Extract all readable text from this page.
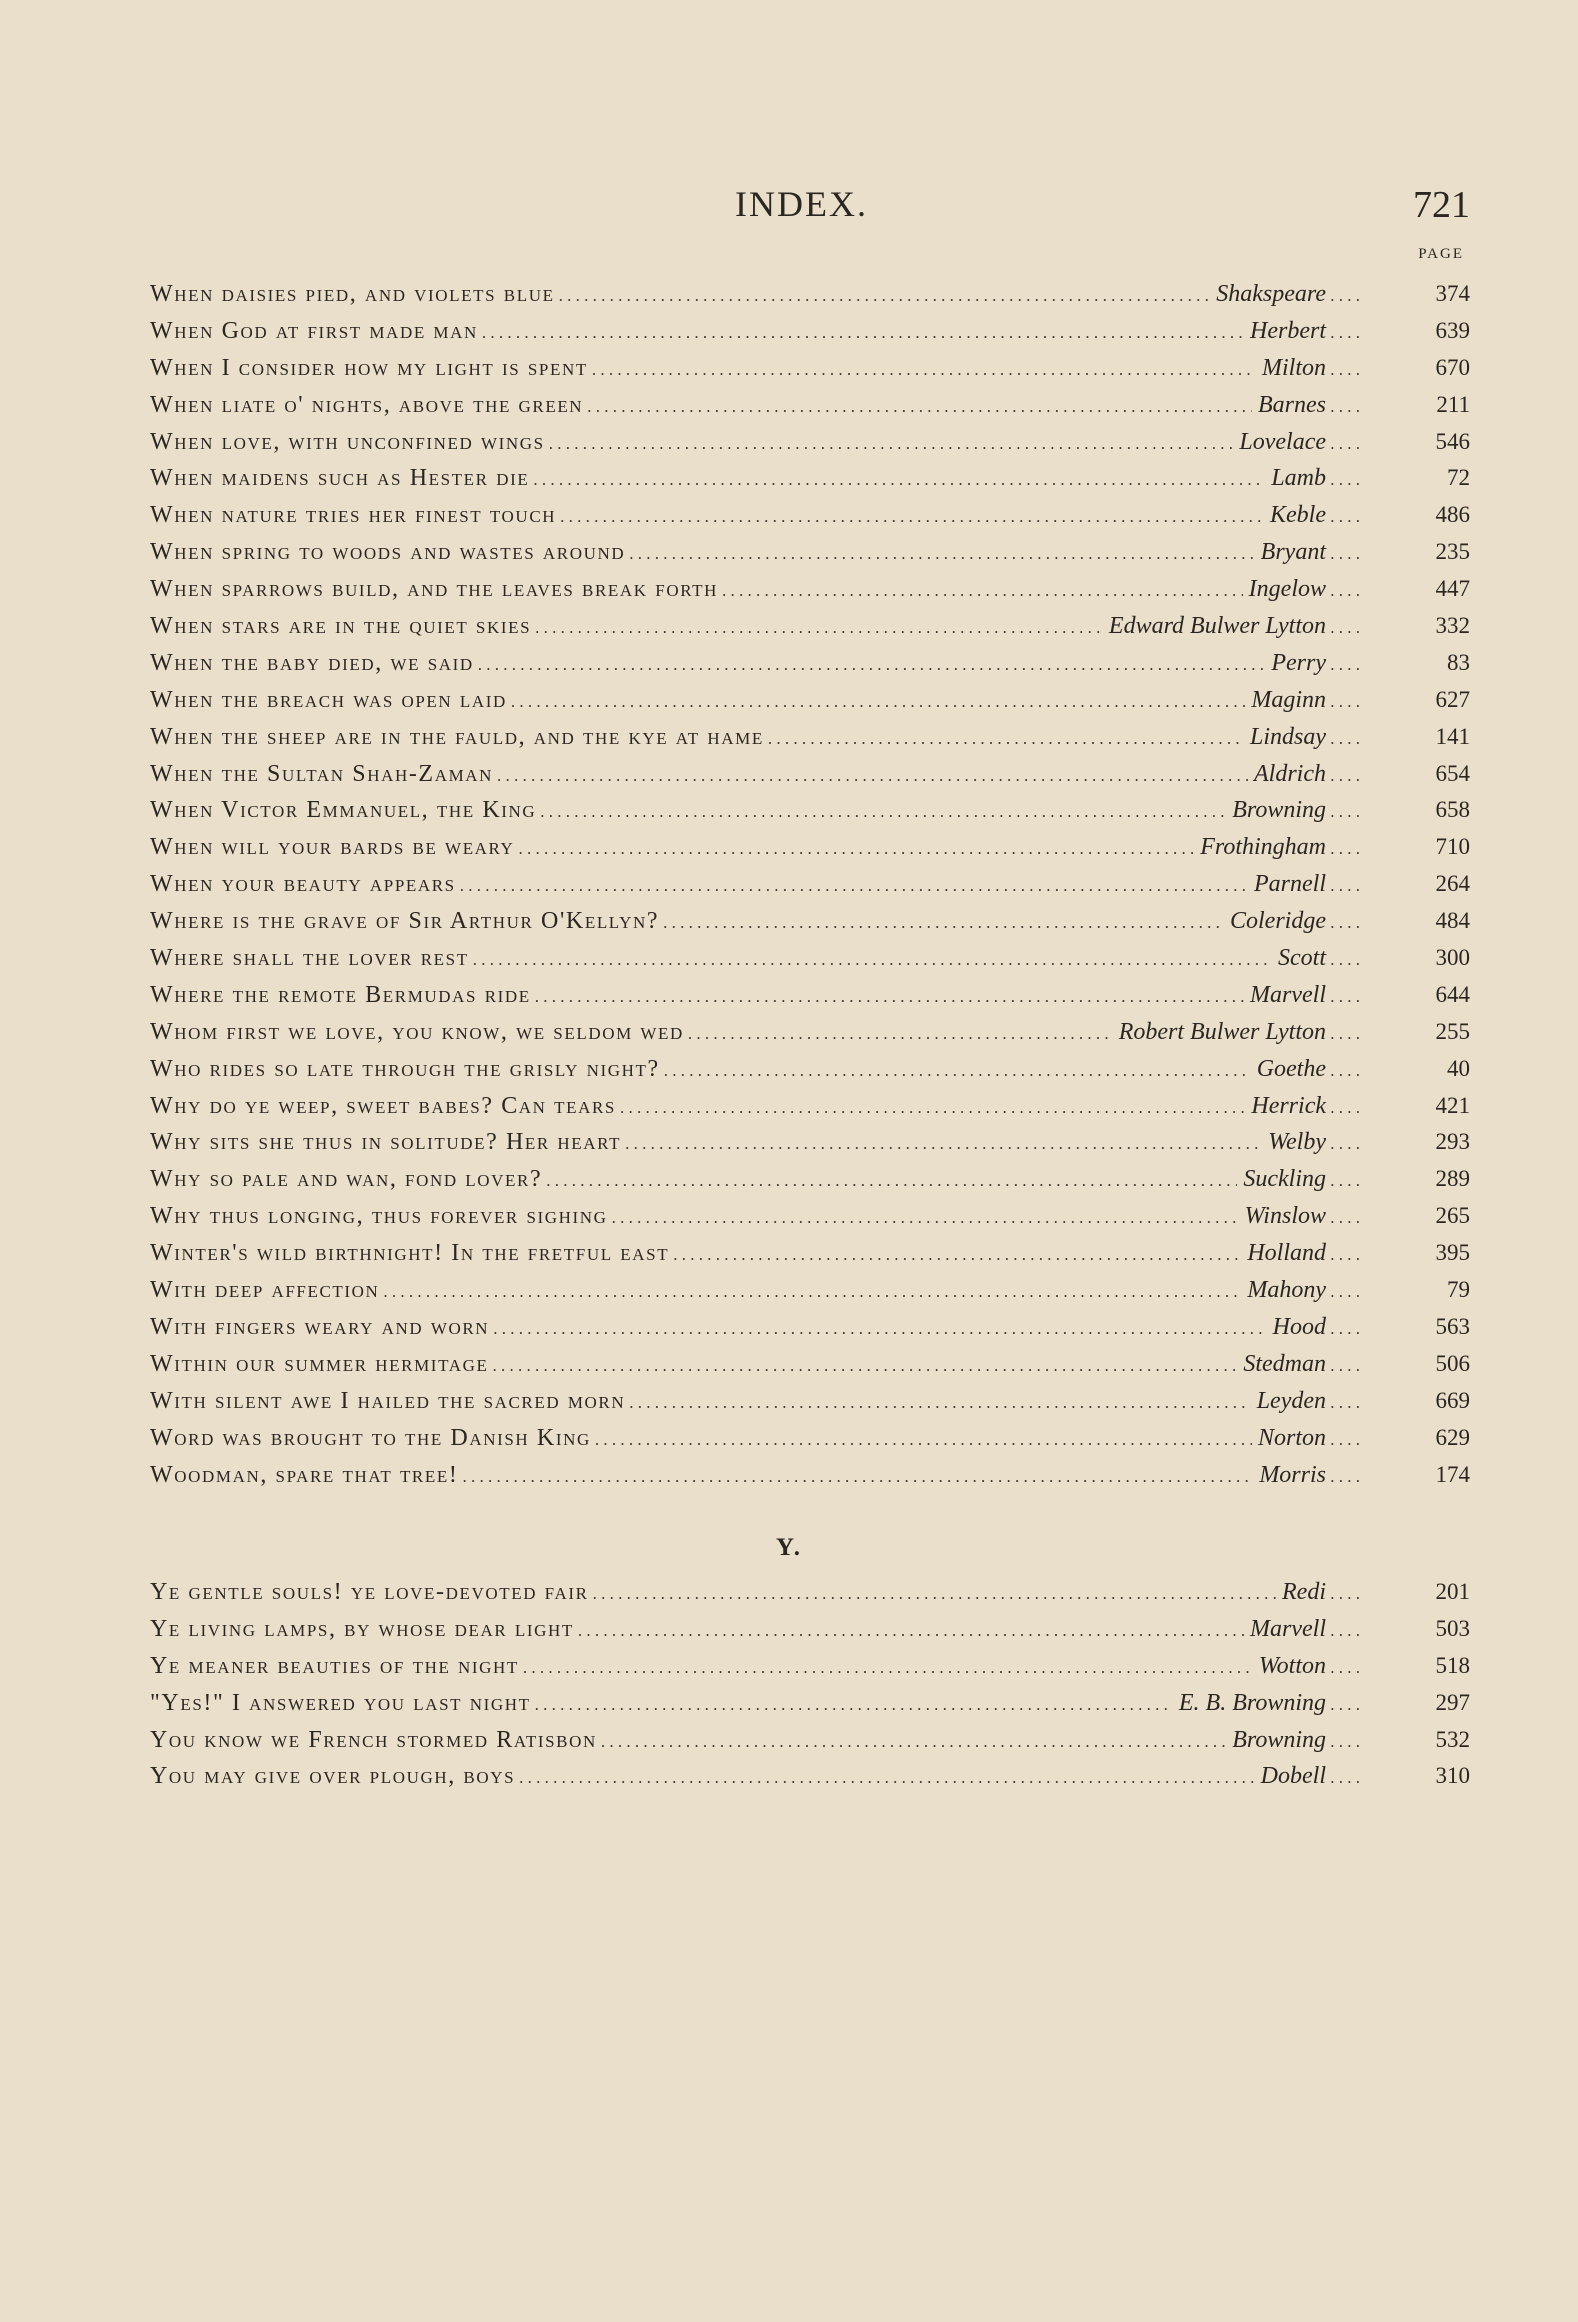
INDEX.	721
PAGE
When daisies pied, and violets blue . . .	Shakspeare . . . .	374
When God at first made man . . .	Herbert . . . .	639
When I consider how my light is spent . . .	Milton . . . .	670
When liate o' nights, above the green . . .	Barnes . . . .	211
When love, with unconfined wings . . .	Lovelace . . . .	546
When maidens such as Hester die . . .	Lamb . . . .	72
When nature tries her finest touch . . .	Keble . . . .	486
When spring to woods and wastes around . . .	Bryant . . . .	235
When sparrows build, and the leaves break forth . . .	Ingelow . . . .	447
When stars are in the quiet skies . . .	Edward Bulwer Lytton . . . .	332
When the baby died, we said . . .	Perry . . . .	83
When the breach was open laid . . .	Maginn . . . .	627
When the sheep are in the fauld, and the kye at hame . . .	Lindsay . . . .	141
When the Sultan Shah-Zaman . . .	Aldrich . . . .	654
When Victor Emmanuel, the King . . .	Browning . . . .	658
When will your bards be weary . . .	Frothingham . . . .	710
When your beauty appears . . .	Parnell . . . .	264
Where is the grave of Sir Arthur O'Kellyn? . . .	Coleridge . . . .	484
Where shall the lover rest . . .	Scott . . . .	300
Where the remote Bermudas ride . . .	Marvell . . . .	644
Whom first we love, you know, we seldom wed . . .	Robert Bulwer Lytton . . . .	255
Who rides so late through the grisly night? . . .	Goethe . . . .	40
Why do ye weep, sweet babes? Can tears . . .	Herrick . . . .	421
Why sits she thus in solitude? Her heart . . .	Welby . . . .	293
Why so pale and wan, fond lover? . . .	Suckling . . . .	289
Why thus longing, thus forever sighing . . .	Winslow . . . .	265
Winter's wild birthnight! In the fretful east . . .	Holland . . . .	395
With deep affection . . .	Mahony . . . .	79
With fingers weary and worn . . .	Hood . . . .	563
Within our summer hermitage . . .	Stedman . . . .	506
With silent awe I hailed the sacred morn . . .	Leyden . . . .	669
Word was brought to the Danish King . . .	Norton . . . .	629
Woodman, spare that tree! . . .	Morris . . . .	174
Y.
Ye gentle souls! ye love-devoted fair . . .	Redi . . . .	201
Ye living lamps, by whose dear light . . .	Marvell . . . .	503
Ye meaner beauties of the night . . .	Wotton . . . .	518
"Yes!" I answered you last night . . .	E. B. Browning . . . .	297
You know we French stormed Ratisbon . . .	Browning . . . .	532
You may give over plough, boys . . .	Dobell . . . .	310
